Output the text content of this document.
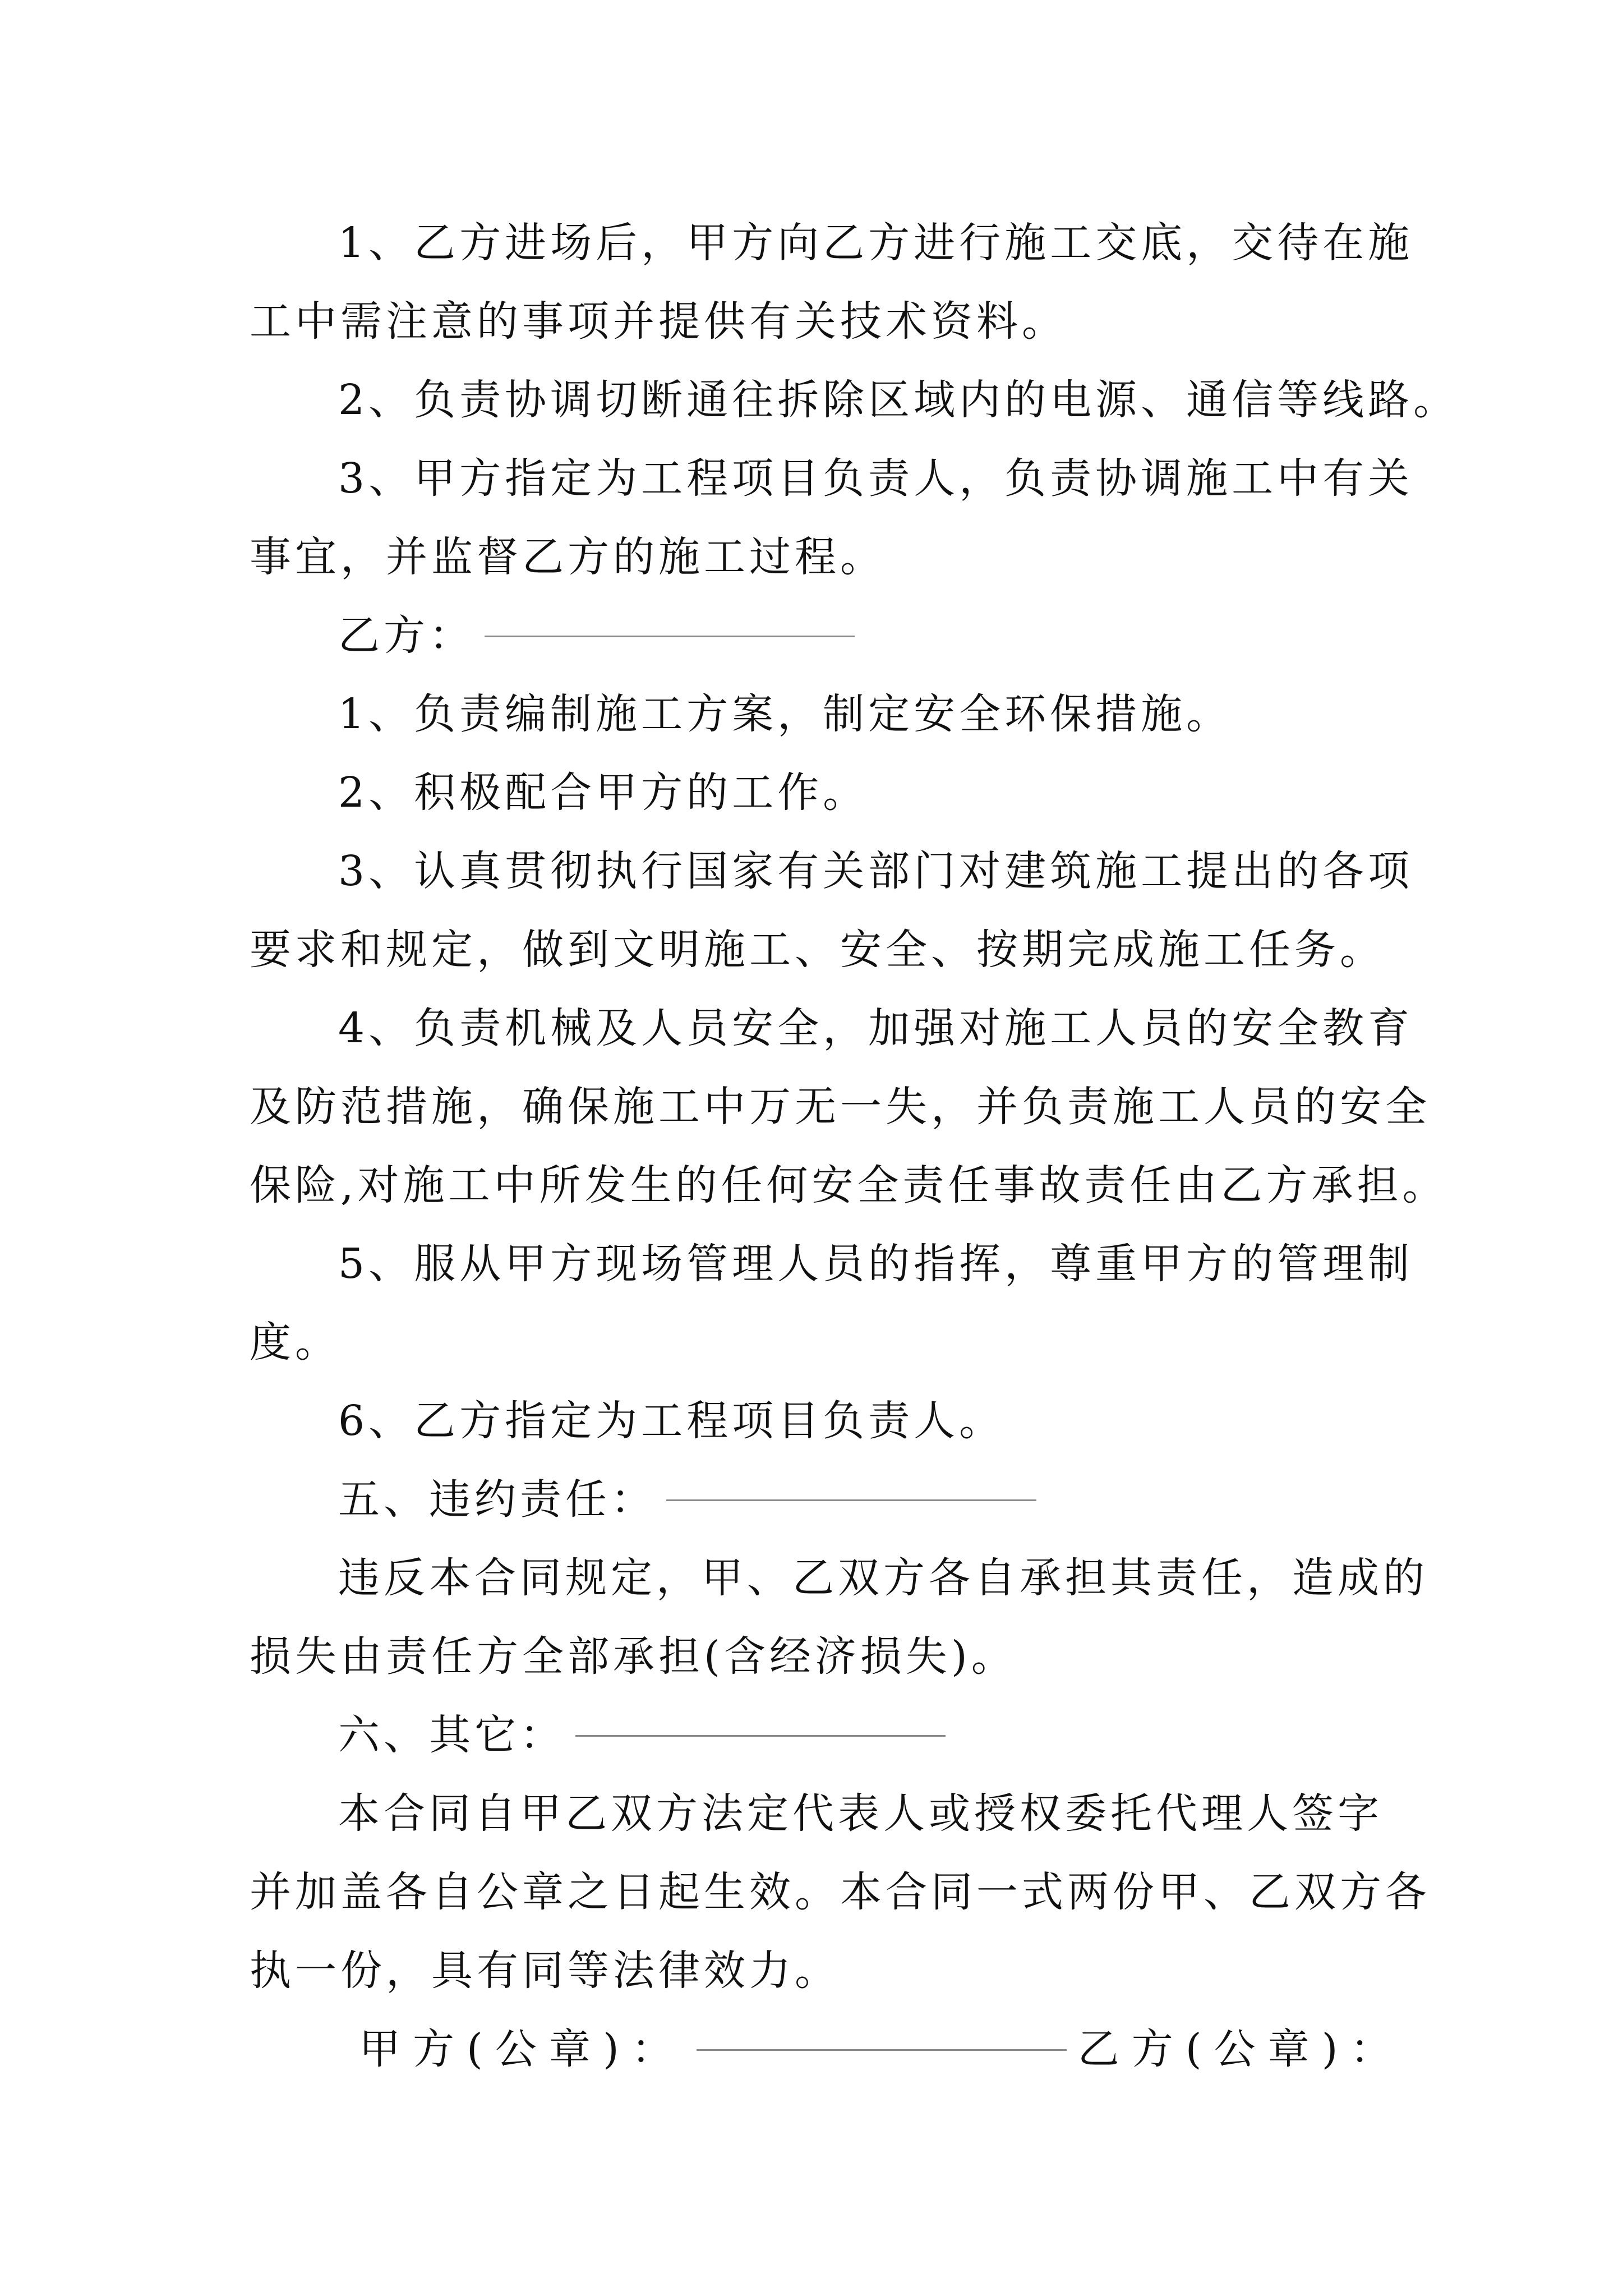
1、乙方进场后，甲方向乙方进行施工交底，交待在施
工中需注意的事项并提供有关技术资料。
2、负责协调切断通往拆除区域内的电源、通信等线路。
3、甲方指定为工程项目负责人，负责协调施工中有关
事宜，并监督乙方的施工过程。
乙方：
1、负责编制施工方案，制定安全环保措施。
2、积极配合甲方的工作。
3、认真贯彻执行国家有关部门对建筑施工提出的各项
要求和规定，做到文明施工、安全、按期完成施工任务。
4、负责机械及人员安全，加强对施工人员的安全教育
及防范措施，确保施工中万无一失，并负责施工人员的安全
保险,对施工中所发生的任何安全责任事故责任由乙方承担。
5、服从甲方现场管理人员的指挥，尊重甲方的管理制
度。
6、乙方指定为工程项目负责人。
五、违约责任：
违反本合同规定，甲、乙双方各自承担其责任，造成的
损失由责任方全部承担(含经济损失)。
六、其它：
本合同自甲乙双方法定代表人或授权委托代理人签字
并加盖各自公章之日起生效。本合同一式两份甲、乙双方各
执一份，具有同等法律效力。
甲方(公章)：	乙方(公章)：
